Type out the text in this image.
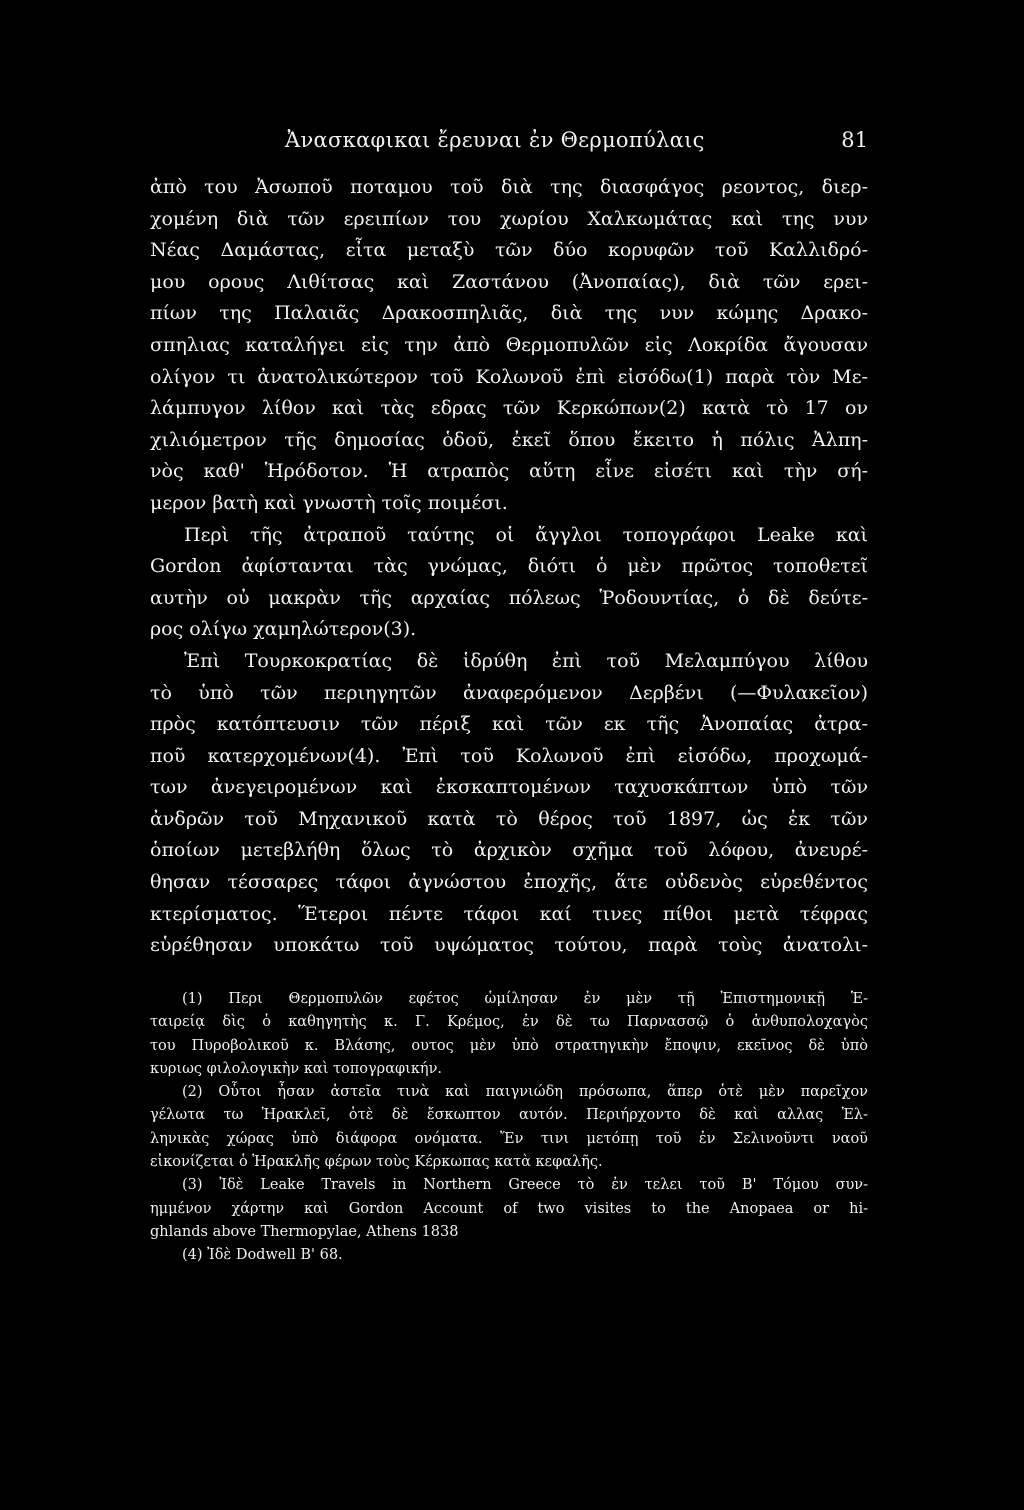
Ἀνασκαφικαι ἔρευναι ἐν Θερμοπύλαις	81
ἀπὸ του Ἀσωποῦ ποταμου τοῦ διὰ της διασφάγος ρεοντος, διερ-
χομένη διὰ τῶν ερειπίων του χωρίου Χαλκωμάτας καὶ της νυν
Νέας Δαμάστας, εἶτα μεταξὺ τῶν δύο κορυφῶν τοῦ Καλλιδρό-
μου ορους Λιθίτσας καὶ Ζαστάνου (Ἀνοπαίας), διὰ τῶν ερει-
πίων της Παλαιᾶς Δρακοσπηλιᾶς, διὰ της νυν κώμης Δρακο-
σπηλιας καταλήγει εἰς την ἀπὸ Θερμοπυλῶν εἰς Λοκρίδα ἄγουσαν
ολίγον τι ἀνατολικώτερον τοῦ Κολωνοῦ ἐπὶ εἰσόδω(1) παρὰ τὸν Με-
λάμπυγον λίθον καὶ τὰς εδρας τῶν Κερκώπων(2) κατὰ τὸ 17 ον
χιλιόμετρον τῆς δημοσίας ὁδοῦ, ἐκεῖ ὅπου ἔκειτο ἡ πόλις Ἀλπη-
νὸς καθ' Ἡρόδοτον. Ἡ ατραπὸς αὕτη εἶνε εἰσέτι καὶ τὴν σή-
μερον βατὴ καὶ γνωστὴ τοῖς ποιμέσι.
Περὶ τῆς ἀτραποῦ ταύτης οἱ ἄγγλοι τοπογράφοι Leake καὶ
Gordon ἀφίστανται τὰς γνώμας, διότι ὁ μὲν πρῶτος τοποθετεῖ
αυτὴν οὐ μακρὰν τῆς αρχαίας πόλεως Ῥοδουντίας, ὁ δὲ δεύτε-
ρος ολίγω χαμηλώτερον(3).
Ἐπὶ Τουρκοκρατίας δὲ ἱδρύθη ἐπὶ τοῦ Μελαμπύγου λίθου
τὸ ὑπὸ τῶν περιηγητῶν ἀναφερόμενον Δερβένι (—Φυλακεῖον)
πρὸς κατόπτευσιν τῶν πέριξ καὶ τῶν εκ τῆς Ἀνοπαίας ἀτρα-
ποῦ κατερχομένων(4). Ἐπὶ τοῦ Κολωνοῦ ἐπὶ εἰσόδω, προχωμά-
των ἀνεγειρομένων καὶ ἐκσκαπτομένων ταχυσκάπτων ὑπὸ τῶν
ἀνδρῶν τοῦ Μηχανικοῦ κατὰ τὸ θέρος τοῦ 1897, ὡς ἐκ τῶν
ὁποίων μετεβλήθη ὅλως τὸ ἀρχικὸν σχῆμα τοῦ λόφου, ἀνευρέ-
θησαν τέσσαρες τάφοι ἀγνώστου ἐποχῆς, ἅτε οὐδενὸς εὑρεθέντος
κτερίσματος. Ἕτεροι πέντε τάφοι καί τινες πίθοι μετὰ τέφρας
εὑρέθησαν υποκάτω τοῦ υψώματος τούτου, παρὰ τοὺς ἀνατολι-
(1) Περι Θερμοπυλῶν εφέτος ὡμίλησαν ἐν μὲν τῇ Ἐπιστημονικῇ Ἑ-
ταιρείᾳ δὶς ὁ καθηγητὴς κ. Γ. Κρέμος, ἐν δὲ τω Παρνασσῷ ὁ ἀνθυπολοχαγὸς
του Πυροβολικοῦ κ. Βλάσης, ουτος μὲν ὑπὸ στρατηγικὴν ἔποψιν, εκεῖνος δὲ ὑπὸ
κυριως φιλολογικὴν καὶ τοπογραφικήν.
(2) Οὗτοι ἦσαν ἀστεῖα τινὰ καὶ παιγνιώδη πρόσωπα, ἅπερ ὁτὲ μὲν παρεῖχον
γέλωτα τω Ἡρακλεῖ, ὁτὲ δὲ ἔσκωπτον αυτόν. Περιήρχοντο δὲ καὶ αλλας Ἑλ-
ληνικὰς χώρας ὑπὸ διάφορα ονόματα. Ἔν τινι μετόπῃ τοῦ ἐν Σελινοῦντι ναοῦ
εἰκονίζεται ὁ Ἡρακλῆς φέρων τοὺς Κέρκωπας κατὰ κεφαλῆς.
(3) Ἰδὲ Leake Travels in Northern Greece τὸ ἐν τελει τοῦ Β' Τόμου συν-
ημμένον χάρτην καὶ Gordon Account of two visites to the Anopaea or hi-
ghlands above Thermopylae, Athens 1838
(4) Ἰδὲ Dodwell B' 68.
